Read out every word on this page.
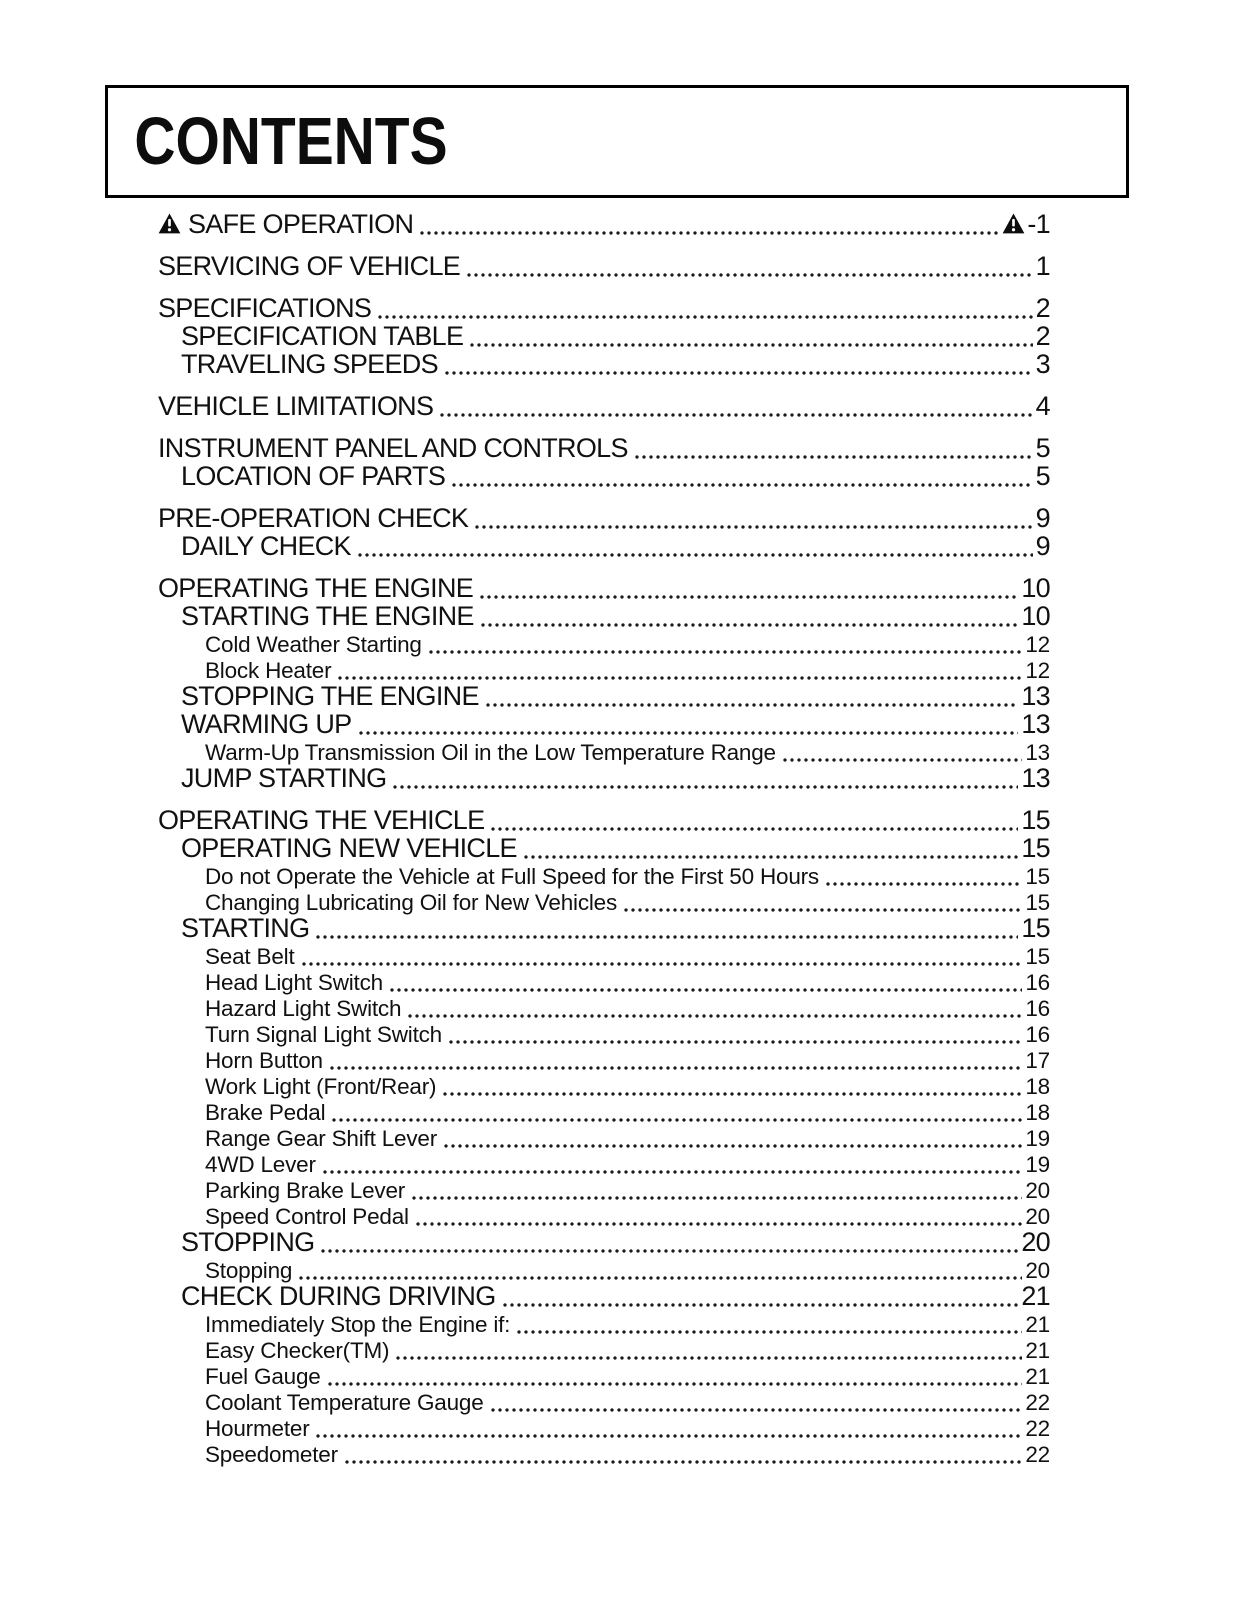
CONTENTS
SAFE OPERATION	-1
SERVICING OF VEHICLE	1
SPECIFICATIONS	2
SPECIFICATION TABLE	2
TRAVELING SPEEDS	3
VEHICLE LIMITATIONS	4
INSTRUMENT PANEL AND CONTROLS	5
LOCATION OF PARTS	5
PRE-OPERATION CHECK	9
DAILY CHECK	9
OPERATING THE ENGINE	10
STARTING THE ENGINE	10
Cold Weather Starting	12
Block Heater	12
STOPPING THE ENGINE	13
WARMING UP	13
Warm-Up Transmission Oil in the Low Temperature Range	13
JUMP STARTING	13
OPERATING THE VEHICLE	15
OPERATING NEW VEHICLE	15
Do not Operate the Vehicle at Full Speed for the First 50 Hours	15
Changing Lubricating Oil for New Vehicles	15
STARTING	15
Seat Belt	15
Head Light Switch	16
Hazard Light Switch	16
Turn Signal Light Switch	16
Horn Button	17
Work Light (Front/Rear)	18
Brake Pedal	18
Range Gear Shift Lever	19
4WD Lever	19
Parking Brake Lever	20
Speed Control Pedal	20
STOPPING	20
Stopping	20
CHECK DURING DRIVING	21
Immediately Stop the Engine if:	21
Easy Checker(TM)	21
Fuel Gauge	21
Coolant Temperature Gauge	22
Hourmeter	22
Speedometer	22
